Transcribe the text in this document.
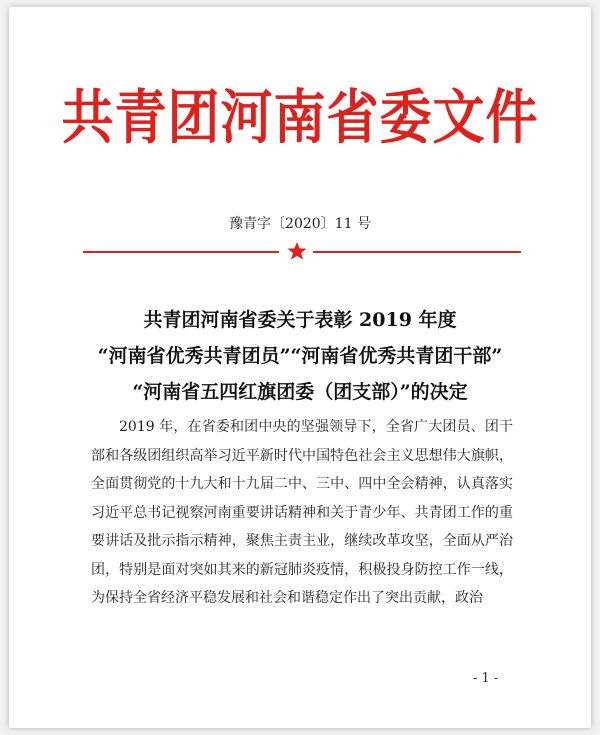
共青团河南省委文件
豫青字〔2020〕11 号
共青团河南省委关于表彰 2019 年度
“河南省优秀共青团员”“河南省优秀共青团干部”
“河南省五四红旗团委（团支部）”的决定
2019 年，在省委和团中央的坚强领导下，全省广大团员、团干部和各级团组织高举习近平新时代中国特色社会主义思想伟大旗帜，全面贯彻党的十九大和十九届二中、三中、四中全会精神，认真落实习近平总书记视察河南重要讲话精神和关于青少年、共青团工作的重要讲话及批示指示精神，聚焦主责主业，继续改革攻坚，全面从严治团，特别是面对突如其来的新冠肺炎疫情，积极投身防控工作一线，为保持全省经济平稳发展和社会和谐稳定作出了突出贡献，政治
- 1 -
